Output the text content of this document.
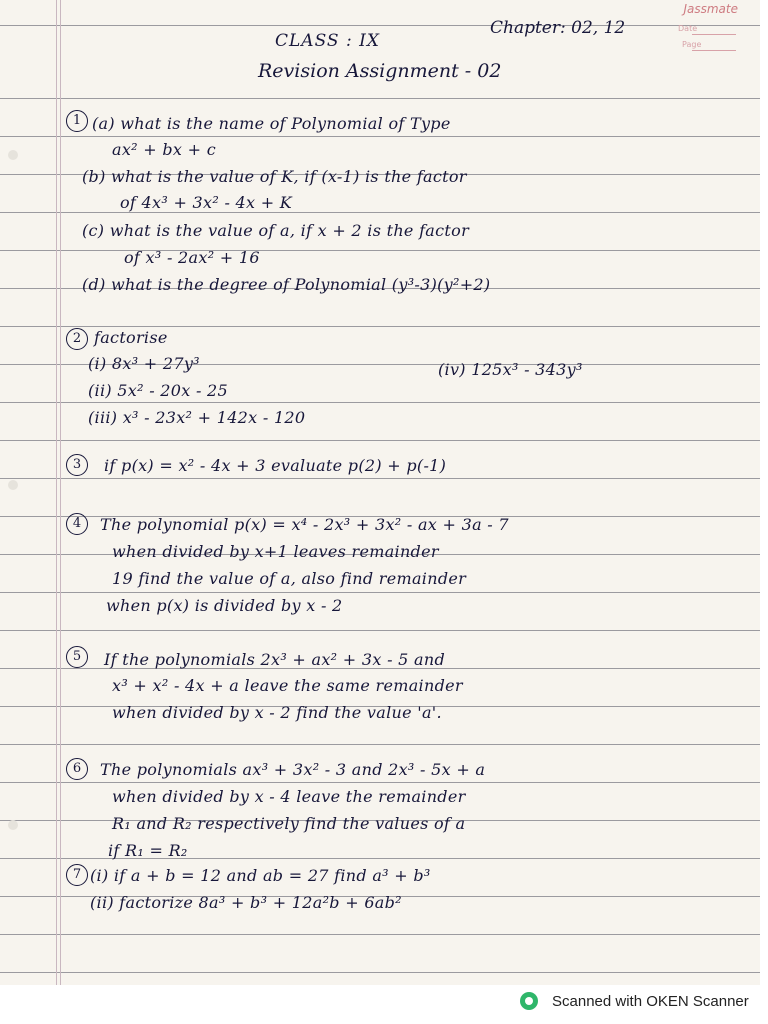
Jassmate
Date
Page
Chapter: 02, 12
CLASS : IX
Revision Assignment - 02
1 (a) what is the name of Polynomial of Type
ax² + bx + c
(b) what is the value of K, if (x-1) is the factor
of 4x³ + 3x² - 4x + K
(c) what is the value of a, if x + 2 is the factor
of x³ - 2ax² + 16
(d) what is the degree of Polynomial (y³-3)(y²+2)
2 factorise
(i) 8x³ + 27y³	(iv) 125x³ - 343y³
(ii) 5x² - 20x - 25
(iii) x³ - 23x² + 142x - 120
3	if p(x) = x² - 4x + 3 evaluate p(2) + p(-1)
4	The polynomial p(x) = x⁴ - 2x³ + 3x² - ax + 3a - 7
when divided by x+1 leaves remainder
19 find the value of a, also find remainder
when p(x) is divided by x - 2
5	If the polynomials 2x³ + ax² + 3x - 5 and
x³ + x² - 4x + a leave the same remainder
when divided by x - 2 find the value 'a'.
6	The polynomials ax³ + 3x² - 3 and 2x³ - 5x + a
when divided by x - 4 leave the remainder
R₁ and R₂ respectively find the values of a
if R₁ = R₂
7 (i) if a + b = 12 and ab = 27 find a³ + b³
(ii) factorize 8a³ + b³ + 12a²b + 6ab²
Scanned with OKEN Scanner
